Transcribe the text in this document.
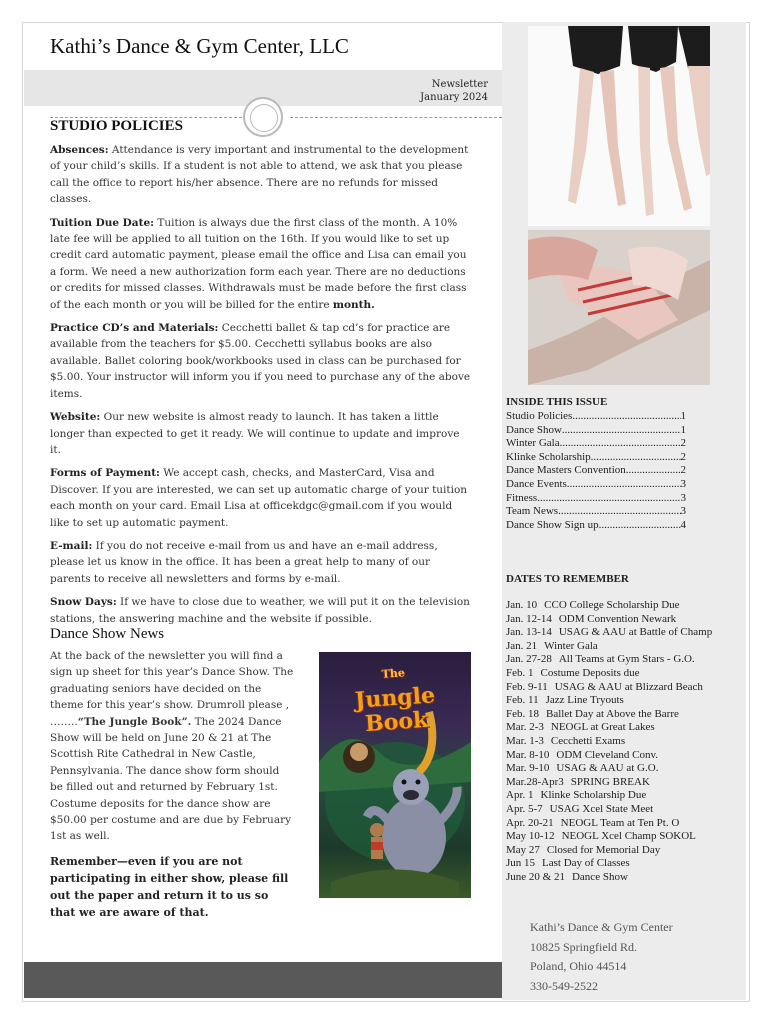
Kathi’s Dance & Gym Center, LLC
Newsletter
January 2024
STUDIO POLICIES

Absences: Attendance is very important and instrumental to the development of your child’s skills. If a student is not able to attend, we ask that you please call the office to report his/her absence. There are no refunds for missed classes.

Tuition Due Date: Tuition is always due the first class of the month. A 10% late fee will be applied to all tuition on the 16th. If you would like to set up credit card automatic payment, please email the office and Lisa can email you a form. We need a new authorization form each year. There are no deductions or credits for missed classes. Withdrawals must be made before the first class of the each month or you will be billed for the entire month.

Practice CD’s and Materials: Cecchetti ballet & tap cd’s for practice are available from the teachers for $5.00. Cecchetti syllabus books are also available. Ballet coloring book/workbooks used in class can be purchased for $5.00. Your instructor will inform you if you need to purchase any of the above items.

Website: Our new website is almost ready to launch. It has taken a little longer than expected to get it ready. We will continue to update and improve it.

Forms of Payment: We accept cash, checks, and MasterCard, Visa and Discover. If you are interested, we can set up automatic charge of your tuition each month on your card. Email Lisa at officekdgc@gmail.com if you would like to set up automatic payment.

E-mail: If you do not receive e-mail from us and have an e-mail address, please let us know in the office. It has been a great help to many of our parents to receive all newsletters and forms by e-mail.

Snow Days: If we have to close due to weather, we will put it on the television stations, the answering machine and the website if possible.

Dance Show News

At the back of the newsletter you will find a sign up sheet for this year’s Dance Show. The graduating seniors have decided on the theme for this year’s show. Drumroll please , ……..“The Jungle Book”. The 2024 Dance Show will be held on June 20 & 21 at The Scottish Rite Cathedral in New Castle, Pennsylvania. The dance show form should be filled out and returned by February 1st. Costume deposits for the dance show are $50.00 per costume and are due by February 1st as well.

Remember—even if you are not participating in either show, please fill out the paper and return it to us so that we are aware of that.

The
Jungle Book
INSIDE THIS ISSUE
Studio Policies .....	1
Dance Show .....	1
Winter Gala .....	2
Klinke Scholarship .....	2
Dance Masters Convention .....	2
Dance Events .....	3
Fitness .....	3
Team News .....	3
Dance Show Sign up .....	4
DATES TO REMEMBER
Jan. 10 CCO College Scholarship Due
Jan. 12-14 ODM Convention Newark
Jan. 13-14 USAG & AAU at Battle of Champ
Jan. 21 Winter Gala
Jan. 27-28 All Teams at Gym Stars - G.O.
Feb. 1 Costume Deposits due
Feb. 9-11 USAG & AAU at Blizzard Beach
Feb. 11 Jazz Line Tryouts
Feb. 18 Ballet Day at Above the Barre
Mar. 2-3 NEOGL at Great Lakes
Mar. 1-3 Cecchetti Exams
Mar. 8-10 ODM Cleveland Conv.
Mar. 9-10 USAG & AAU at G.O.
Mar.28-Apr3 SPRING BREAK
Apr. 1 Klinke Scholarship Due
Apr. 5-7 USAG Xcel State Meet
Apr. 20-21 NEOGL Team at Ten Pt. O
May 10-12 NEOGL Xcel Champ SOKOL
May 27 Closed for Memorial Day
Jun 15 Last Day of Classes
June 20 & 21 Dance Show
Kathi’s Dance & Gym Center
10825 Springfield Rd.
Poland, Ohio 44514
330-549-2522
